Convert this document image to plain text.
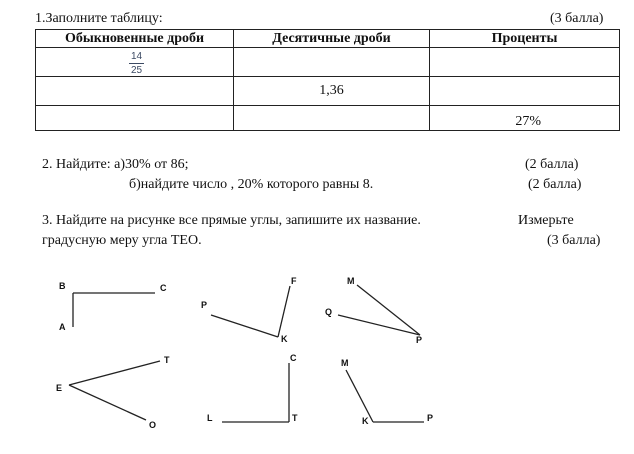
1.Заполните таблицу:	(3 балла)
Обыкновенные дроби	Десятичные дроби	Проценты

$\frac{14}{25}$

	1,36	
		27%
2. Найдите: а)30% от 86;	(2 балла)
б)найдите число , 20% которого равны 8.	(2 балла)
3. Найдите на рисунке все прямые углы, запишите их название.	Измерьте
градусную меру угла ТЕО.	(3 балла)
B	C
A
P
K
F	M
Q
P
T
E
O
C
L	T
M
K	P
